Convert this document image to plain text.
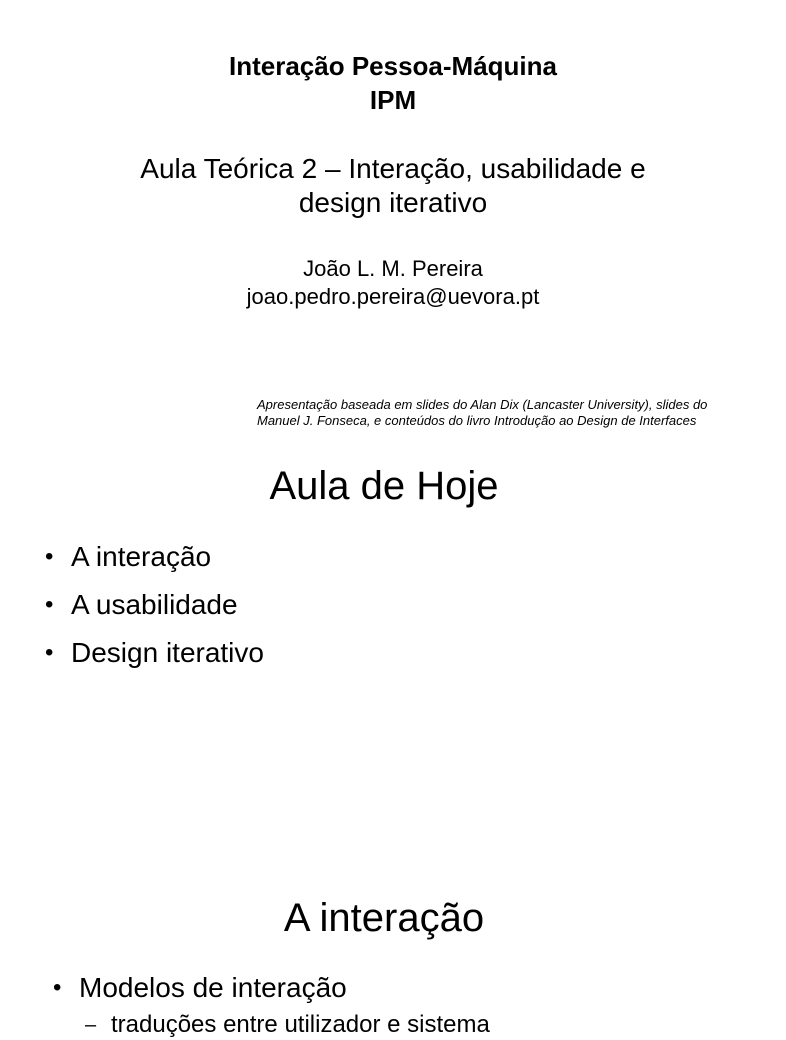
Interação Pessoa-Máquina
IPM
Aula Teórica 2 – Interação, usabilidade e
design iterativo
João L. M. Pereira
joao.pedro.pereira@uevora.pt
Apresentação baseada em slides do Alan Dix (Lancaster University), slides do
Manuel J. Fonseca, e conteúdos do livro Introdução ao Design de Interfaces
Aula de Hoje
• A interação
• A usabilidade
• Design iterativo
A interação
• Modelos de interação
– traduções entre utilizador e sistema
